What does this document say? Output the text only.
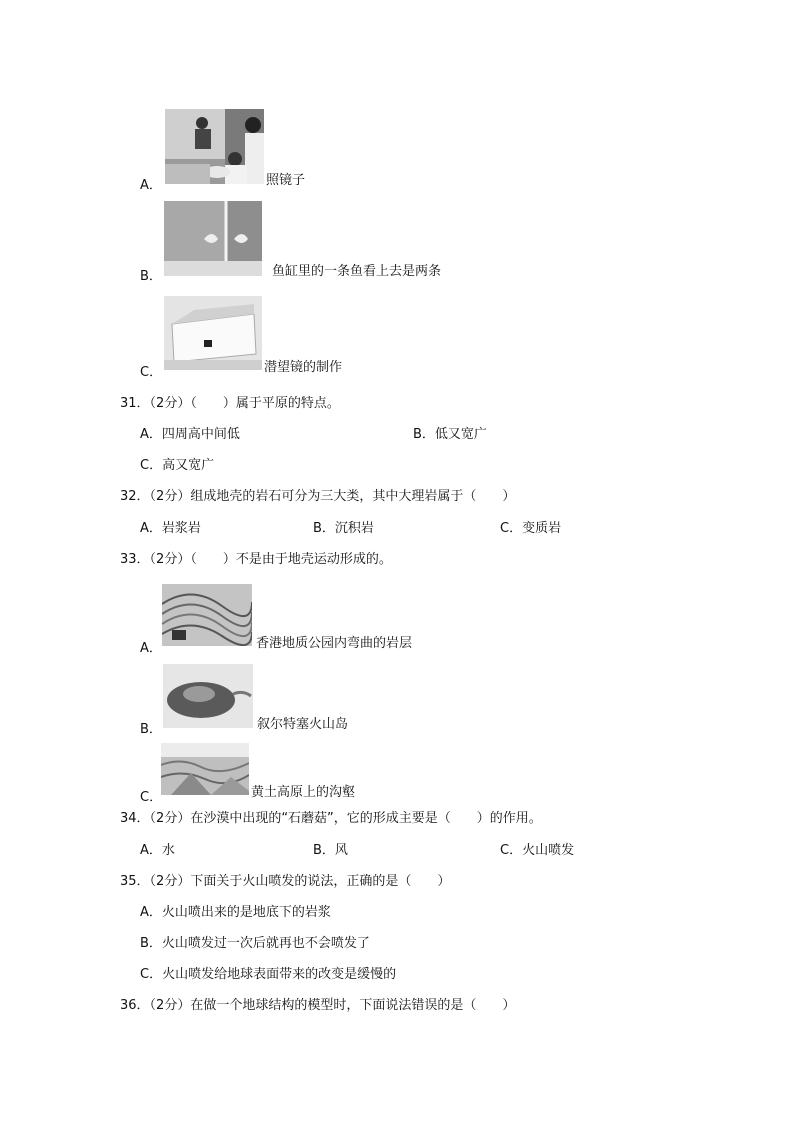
A．	照镜子
B．	鱼缸里的一条鱼看上去是两条
C．	潜望镜的制作
31．（2分）（　　）属于平原的特点。
A．四周高中间低	B．低又宽广
C．高又宽广
32．（2分）组成地壳的岩石可分为三大类，其中大理岩属于（　　）
A．岩浆岩	B．沉积岩	C．变质岩
33．（2分）（　　）不是由于地壳运动形成的。
A．	香港地质公园内弯曲的岩层
B．	叙尔特塞火山岛
C．	黄土高原上的沟壑
34．（2分）在沙漠中出现的“石蘑菇”，它的形成主要是（　　）的作用。
A．水	B．风	C．火山喷发
35．（2分）下面关于火山喷发的说法，正确的是（　　）
A．火山喷出来的是地底下的岩浆
B．火山喷发过一次后就再也不会喷发了
C．火山喷发给地球表面带来的改变是缓慢的
36．（2分）在做一个地球结构的模型时，下面说法错误的是（　　）
